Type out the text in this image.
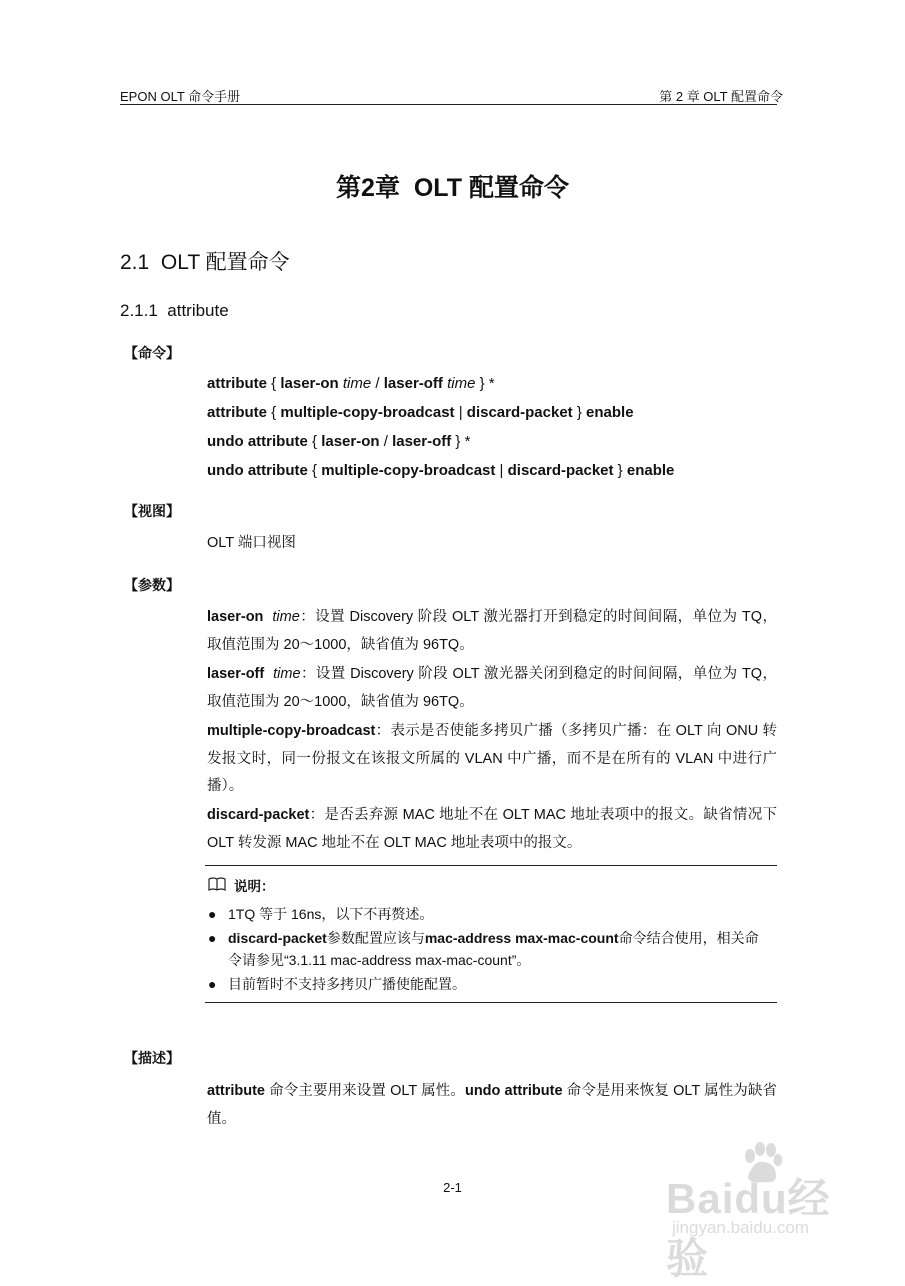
EPON OLT 命令手册	第 2 章 OLT 配置命令
第2章 OLT 配置命令
2.1 OLT 配置命令
2.1.1 attribute
【命令】
attribute { laser-on time / laser-off time } *
attribute { multiple-copy-broadcast | discard-packet } enable
undo attribute { laser-on / laser-off } *
undo attribute { multiple-copy-broadcast | discard-packet } enable
【视图】
OLT 端口视图
【参数】
laser-on time：设置 Discovery 阶段 OLT 激光器打开到稳定的时间间隔，单位为 TQ，取值范围为 20～1000，缺省值为 96TQ。
laser-off time：设置 Discovery 阶段 OLT 激光器关闭到稳定的时间间隔，单位为 TQ，取值范围为 20～1000，缺省值为 96TQ。
multiple-copy-broadcast：表示是否使能多拷贝广播（多拷贝广播：在 OLT 向 ONU 转发报文时，同一份报文在该报文所属的 VLAN 中广播，而不是在所有的 VLAN 中进行广播）。
discard-packet：是否丢弃源 MAC 地址不在 OLT MAC 地址表项中的报文。缺省情况下 OLT 转发源 MAC 地址不在 OLT MAC 地址表项中的报文。
说明：
● 1TQ 等于 16ns，以下不再赘述。
● discard-packet参数配置应该与mac-address max-mac-count命令结合使用，相关命令请参见“3.1.11 mac-address max-mac-count”。
● 目前暂时不支持多拷贝广播使能配置。
【描述】
attribute 命令主要用来设置 OLT 属性。undo attribute 命令是用来恢复 OLT 属性为缺省值。
2-1	Baidu经验
jingyan.baidu.com
